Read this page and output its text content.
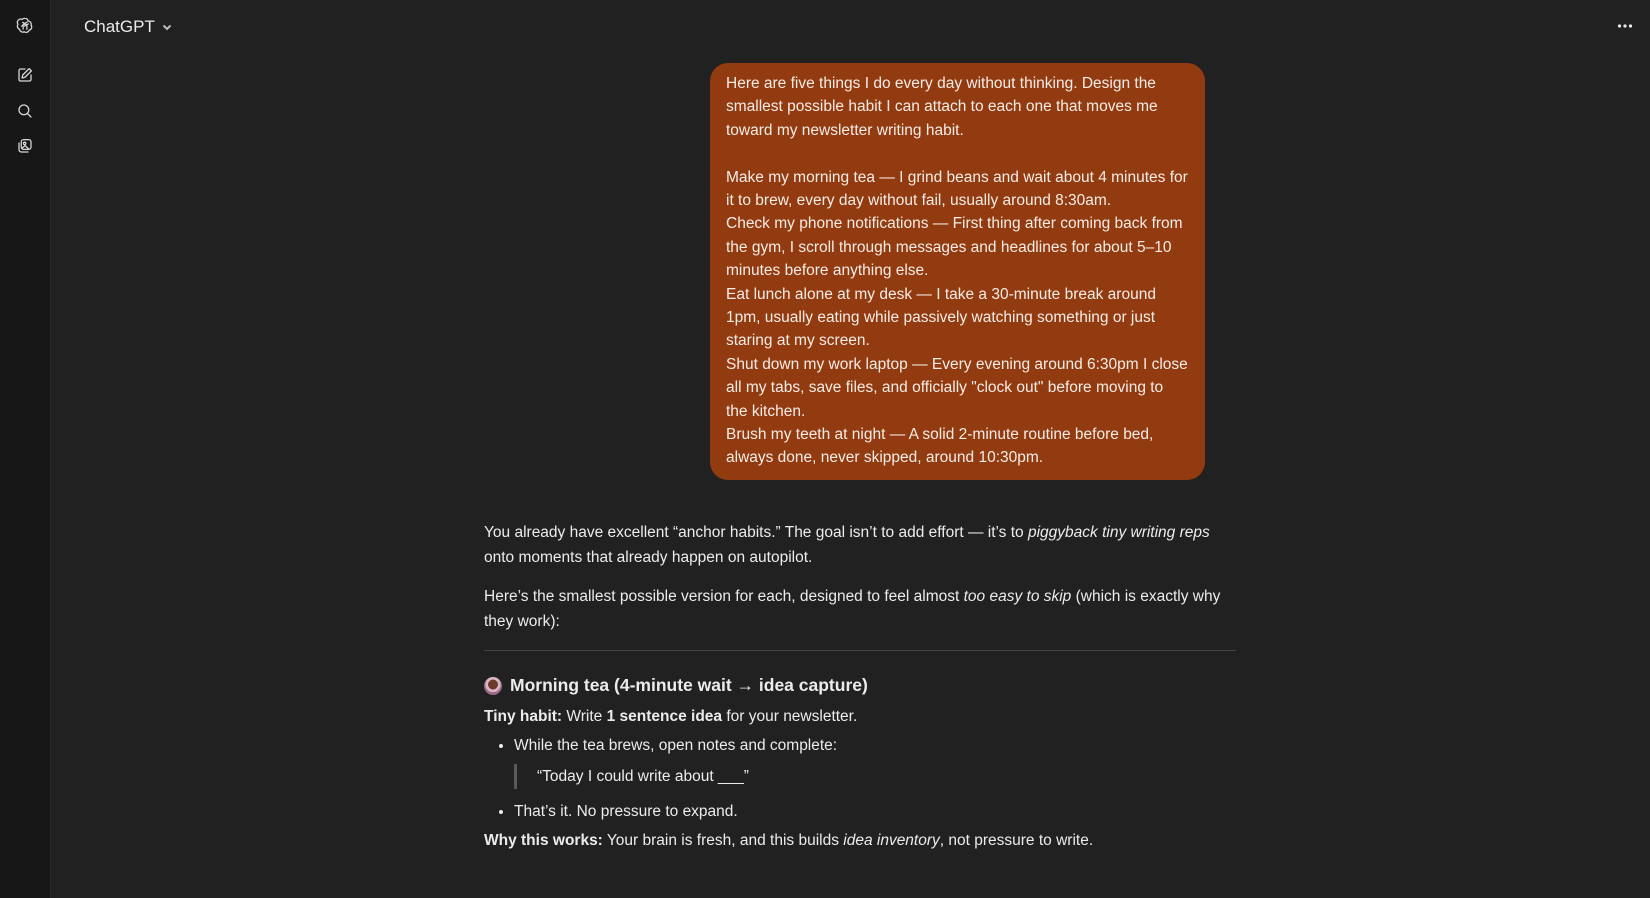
ChatGPT

Here are five things I do every day without thinking. Design the smallest possible habit I can attach to each one that moves me toward my newsletter writing habit.

Make my morning tea — I grind beans and wait about 4 minutes for it to brew, every day without fail, usually around 8:30am.

Check my phone notifications — First thing after coming back from the gym, I scroll through messages and headlines for about 5–10 minutes before anything else.

Eat lunch alone at my desk — I take a 30-minute break around 1pm, usually eating while passively watching something or just staring at my screen.

Shut down my work laptop — Every evening around 6:30pm I close all my tabs, save files, and officially "clock out" before moving to the kitchen.

Brush my teeth at night — A solid 2-minute routine before bed, always done, never skipped, around 10:30pm.

You already have excellent “anchor habits.” The goal isn’t to add effort — it’s to piggyback tiny writing reps onto moments that already happen on autopilot.

Here’s the smallest possible version for each, designed to feel almost too easy to skip (which is exactly why they work):

Morning tea (4-minute wait → idea capture)

Tiny habit: Write 1 sentence idea for your newsletter.

• While the tea brews, open notes and complete:
“Today I could write about ___”
• That’s it. No pressure to expand.

Why this works: Your brain is fresh, and this builds idea inventory, not pressure to write.
